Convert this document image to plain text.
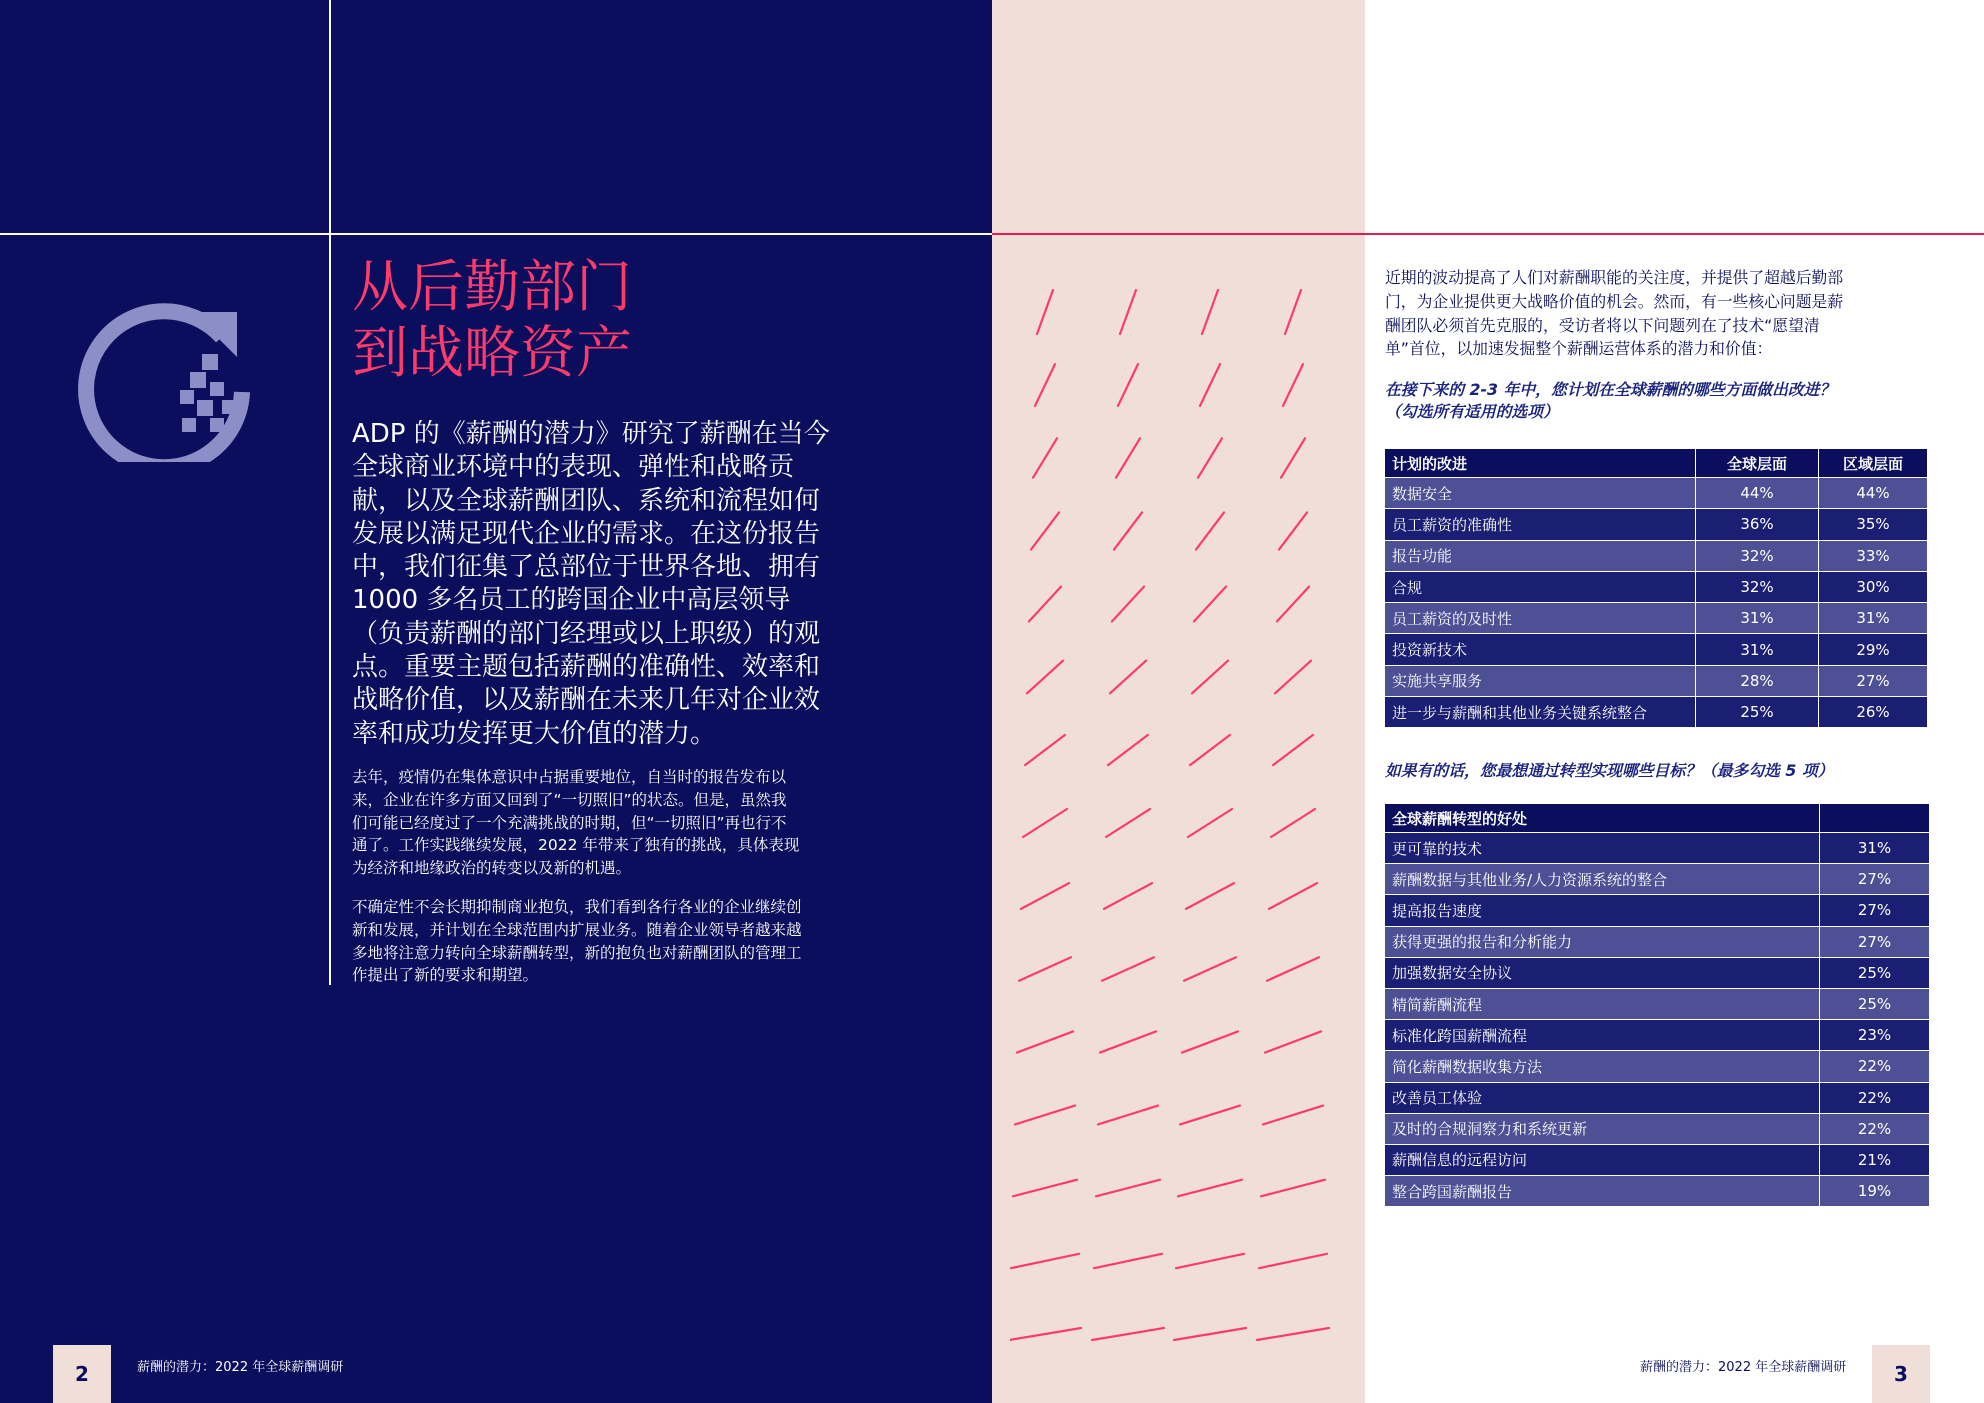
从后勤部门
到战略资产
ADP 的《薪酬的潜力》研究了薪酬在当今全球商业环境中的表现、弹性和战略贡献，以及全球薪酬团队、系统和流程如何发展以满足现代企业的需求。在这份报告中，我们征集了总部位于世界各地、拥有 1000 多名员工的跨国企业中高层领导（负责薪酬的部门经理或以上职级）的观点。重要主题包括薪酬的准确性、效率和战略价值，以及薪酬在未来几年对企业效率和成功发挥更大价值的潜力。
去年，疫情仍在集体意识中占据重要地位，自当时的报告发布以来，企业在许多方面又回到了“一切照旧”的状态。但是，虽然我们可能已经度过了一个充满挑战的时期，但“一切照旧”再也行不通了。工作实践继续发展，2022 年带来了独有的挑战，具体表现为经济和地缘政治的转变以及新的机遇。
不确定性不会长期抑制商业抱负，我们看到各行各业的企业继续创新和发展，并计划在全球范围内扩展业务。随着企业领导者越来越多地将注意力转向全球薪酬转型，新的抱负也对薪酬团队的管理工作提出了新的要求和期望。
近期的波动提高了人们对薪酬职能的关注度，并提供了超越后勤部门，为企业提供更大战略价值的机会。然而，有一些核心问题是薪酬团队必须首先克服的，受访者将以下问题列在了技术“愿望清单”首位，以加速发掘整个薪酬运营体系的潜力和价值：
在接下来的 2-3 年中，您计划在全球薪酬的哪些方面做出改进？（勾选所有适用的选项）
计划的改进	全球层面	区域层面
数据安全	44%	44%
员工薪资的准确性	36%	35%
报告功能	32%	33%
合规	32%	30%
员工薪资的及时性	31%	31%
投资新技术	31%	29%
实施共享服务	28%	27%
进一步与薪酬和其他业务关键系统整合	25%	26%
如果有的话，您最想通过转型实现哪些目标？（最多勾选 5 项）
全球薪酬转型的好处	
更可靠的技术	31%
薪酬数据与其他业务/人力资源系统的整合	27%
提高报告速度	27%
获得更强的报告和分析能力	27%
加强数据安全协议	25%
精简薪酬流程	25%
标准化跨国薪酬流程	23%
简化薪酬数据收集方法	22%
改善员工体验	22%
及时的合规洞察力和系统更新	22%
薪酬信息的远程访问	21%
整合跨国薪酬报告	19%
2	薪酬的潜力：2022 年全球薪酬调研	薪酬的潜力：2022 年全球薪酬调研	3
